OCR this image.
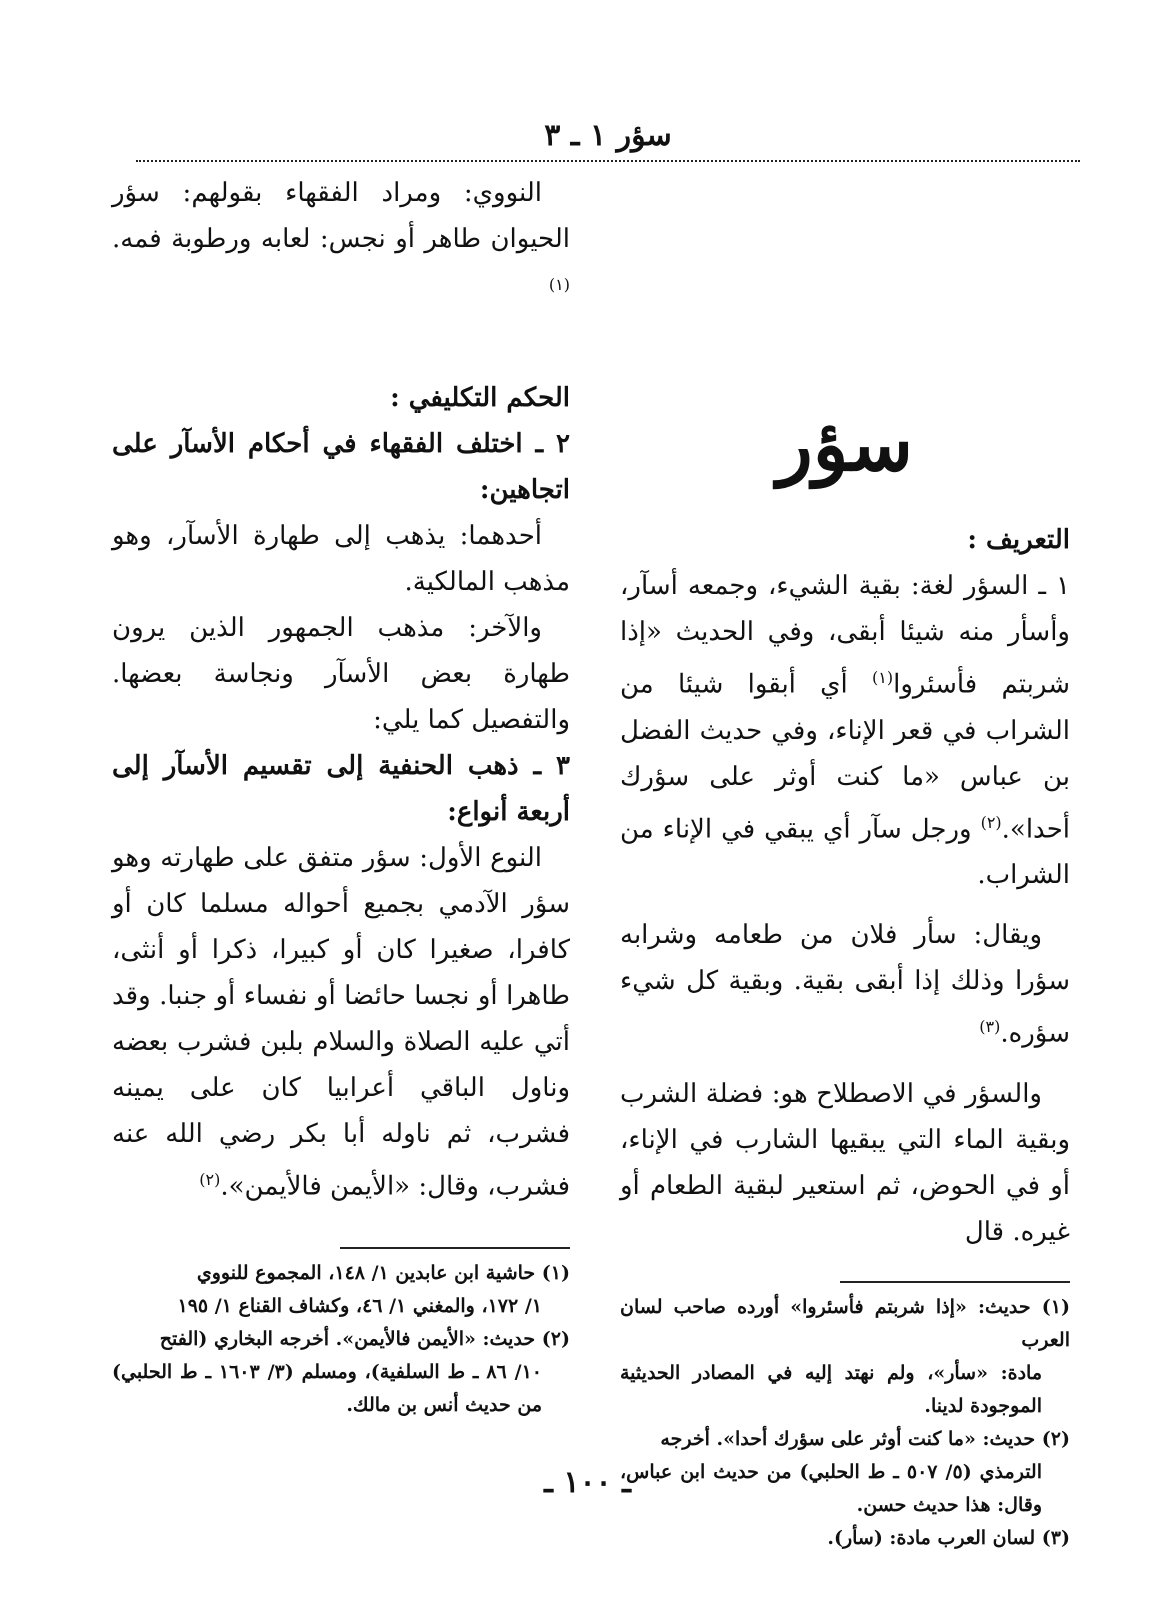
سؤر ١ ـ ٣

سؤر

التعريف :

١ ـ السؤر لغة: بقية الشيء، وجمعه أسآر، وأسأر منه شيئا أبقى، وفي الحديث «إذا شربتم فأسئروا$^{(١)}$ أي أبقوا شيئا من الشراب في قعر الإناء، وفي حديث الفضل بن عباس «ما كنت أوثر على سؤرك أحدا».$^{(٢)}$ ورجل سآر أي يبقي في الإناء من الشراب.

ويقال: سأر فلان من طعامه وشرابه سؤرا وذلك إذا أبقى بقية. وبقية كل شيء سؤره.$^{(٣)}$

والسؤر في الاصطلاح هو: فضلة الشرب وبقية الماء التي يبقيها الشارب في الإناء، أو في الحوض، ثم استعير لبقية الطعام أو غيره. قال

(١) حديث: «إذا شربتم فأسئروا» أورده صاحب لسان العرب
مادة: «سأر»، ولم نهتد إليه في المصادر الحديثية الموجودة لدينا.

(٢) حديث: «ما كنت أوثر على سؤرك أحدا». أخرجه
الترمذي (٥/ ٥٠٧ ـ ط الحلبي) من حديث ابن عباس، وقال: هذا حديث حسن.

(٣) لسان العرب مادة: (سأر).

النووي: ومراد الفقهاء بقولهم: سؤر الحيوان طاهر أو نجس: لعابه ورطوبة فمه.$^{(١)}$

الحكم التكليفي :

٢ ـ اختلف الفقهاء في أحكام الأسآر على اتجاهين:

أحدهما: يذهب إلى طهارة الأسآر، وهو مذهب المالكية.

والآخر: مذهب الجمهور الذين يرون طهارة بعض الأسآر ونجاسة بعضها. والتفصيل كما يلي:

٣ ـ ذهب الحنفية إلى تقسيم الأسآر إلى أربعة أنواع:

النوع الأول: سؤر متفق على طهارته وهو سؤر الآدمي بجميع أحواله مسلما كان أو كافرا، صغيرا كان أو كبيرا، ذكرا أو أنثى، طاهرا أو نجسا حائضا أو نفساء أو جنبا. وقد أتي عليه الصلاة والسلام بلبن فشرب بعضه وناول الباقي أعرابيا كان على يمينه فشرب، ثم ناوله أبا بكر رضي الله عنه فشرب، وقال: «الأيمن فالأيمن».$^{(٢)}$

(١) حاشية ابن عابدين ١/ ١٤٨، المجموع للنووي
١/ ١٧٢، والمغني ١/ ٤٦، وكشاف القناع ١/ ١٩٥

(٢) حديث: «الأيمن فالأيمن». أخرجه البخاري (الفتح
١٠/ ٨٦ ـ ط السلفية)، ومسلم (٣/ ١٦٠٣ ـ ط الحلبي) من حديث أنس بن مالك.

ـ ١٠٠ ـ
